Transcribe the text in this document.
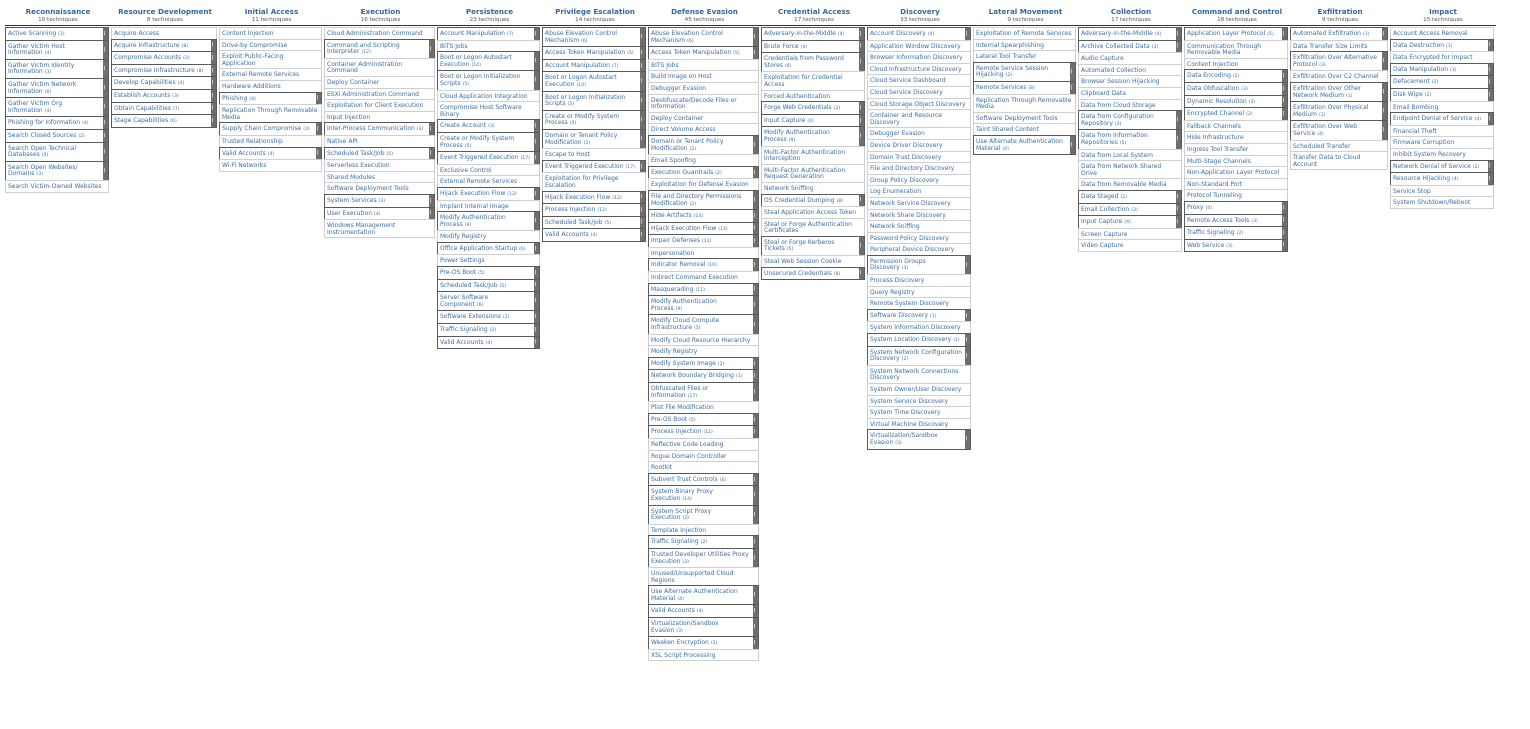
Reconnaissance
10 techniques
Active Scanning (3)
||
Gather Victim Host Information (4)
||
Gather Victim Identity Information (3)
||
Gather Victim Network Information (6)
||
Gather Victim Org Information (4)
||
Phishing for Information (4)
||
Search Closed Sources (2)
||
Search Open Technical Databases (5)
||
Search Open Websites/ Domains (3)
||
Search Victim-Owned Websites
Resource Development
8 techniques
Acquire Access
Acquire Infrastructure (8)
||
Compromise Accounts (3)
||
Compromise Infrastructure (8)
||
Develop Capabilities (4)
||
Establish Accounts (3)
||
Obtain Capabilities (7)
||
Stage Capabilities (6)
||
Initial Access
11 techniques
Content Injection
Drive-by Compromise
Exploit Public-Facing Application
External Remote Services
Hardware Additions
Phishing (4)
||
Replication Through Removable Media
Supply Chain Compromise (3)
||
Trusted Relationship
Valid Accounts (4)
||
Wi-Fi Networks
Execution
16 techniques
Cloud Administration Command
Command and Scripting Interpreter (12)
||
Container Administration Command
Deploy Container
ESXi Administration Command
Exploitation for Client Execution
Input Injection
Inter-Process Communication (3)
||
Native API
Scheduled Task/Job (5)
||
Serverless Execution
Shared Modules
Software Deployment Tools
System Services (3)
||
User Execution (4)
||
Windows Management Instrumentation
Persistence
23 techniques
Account Manipulation (7)
||
BITS Jobs
Boot or Logon Autostart Execution (14)
||
Boot or Logon Initialization Scripts (5)
||
Cloud Application Integration
Compromise Host Software Binary
Create Account (3)
||
Create or Modify System Process (5)
||
Event Triggered Execution (17)
||
Exclusive Control
External Remote Services
Hijack Execution Flow (12)
||
Implant Internal Image
Modify Authentication Process (9)
||
Modify Registry
Office Application Startup (6)
||
Power Settings
Pre-OS Boot (5)
||
Scheduled Task/Job (5)
||
Server Software Component (6)
||
Software Extensions (2)
||
Traffic Signaling (2)
||
Valid Accounts (4)
||
Privilege Escalation
14 techniques
Abuse Elevation Control Mechanism (6)
||
Access Token Manipulation (5)
||
Account Manipulation (7)
||
Boot or Logon Autostart Execution (14)
||
Boot or Logon Initialization Scripts (5)
||
Create or Modify System Process (5)
||
Domain or Tenant Policy Modification (2)
||
Escape to Host
Event Triggered Execution (17)
||
Exploitation for Privilege Escalation
Hijack Execution Flow (12)
||
Process Injection (12)
||
Scheduled Task/Job (5)
||
Valid Accounts (4)
||
Defense Evasion
45 techniques
Abuse Elevation Control Mechanism (6)
||
Access Token Manipulation (5)
||
BITS Jobs
Build Image on Host
Debugger Evasion
Deobfuscate/Decode Files or Information
Deploy Container
Direct Volume Access
Domain or Tenant Policy Modification (2)
||
Email Spoofing
Execution Guardrails (2)
||
Exploitation for Defense Evasion
File and Directory Permissions Modification (2)
||
Hide Artifacts (14)
||
Hijack Execution Flow (12)
||
Impair Defenses (11)
||
Impersonation
Indicator Removal (10)
||
Indirect Command Execution
Masquerading (11)
||
Modify Authentication Process (9)
||
Modify Cloud Compute Infrastructure (5)
||
Modify Cloud Resource Hierarchy
Modify Registry
Modify System Image (2)
||
Network Boundary Bridging (1)
||
Obfuscated Files or Information (17)
||
Plist File Modification
Pre-OS Boot (5)
||
Process Injection (12)
||
Reflective Code Loading
Rogue Domain Controller
Rootkit
Subvert Trust Controls (6)
||
System Binary Proxy Execution (14)
||
System Script Proxy Execution (2)
||
Template Injection
Traffic Signaling (2)
||
Trusted Developer Utilities Proxy Execution (3)
||
Unused/Unsupported Cloud Regions
Use Alternate Authentication Material (4)
||
Valid Accounts (4)
||
Virtualization/Sandbox Evasion (3)
||
Weaken Encryption (2)
||
XSL Script Processing
Credential Access
17 techniques
Adversary-in-the-Middle (4)
||
Brute Force (4)
||
Credentials from Password Stores (6)
||
Exploitation for Credential Access
Forced Authentication
Forge Web Credentials (2)
||
Input Capture (4)
||
Modify Authentication Process (9)
||
Multi-Factor Authentication Interception
Multi-Factor Authentication Request Generation
Network Sniffing
OS Credential Dumping (8)
||
Steal Application Access Token
Steal or Forge Authentication Certificates
Steal or Forge Kerberos Tickets (5)
||
Steal Web Session Cookie
Unsecured Credentials (8)
||
Discovery
33 techniques
Account Discovery (4)
||
Application Window Discovery
Browser Information Discovery
Cloud Infrastructure Discovery
Cloud Service Dashboard
Cloud Service Discovery
Cloud Storage Object Discovery
Container and Resource Discovery
Debugger Evasion
Device Driver Discovery
Domain Trust Discovery
File and Directory Discovery
Group Policy Discovery
Log Enumeration
Network Service Discovery
Network Share Discovery
Network Sniffing
Password Policy Discovery
Peripheral Device Discovery
Permission Groups Discovery (3)
||
Process Discovery
Query Registry
Remote System Discovery
Software Discovery (1)
||
System Information Discovery
System Location Discovery (1)
||
System Network Configuration Discovery (2)
||
System Network Connections Discovery
System Owner/User Discovery
System Service Discovery
System Time Discovery
Virtual Machine Discovery
Virtualization/Sandbox Evasion (3)
||
Lateral Movement
9 techniques
Exploitation of Remote Services
Internal Spearphishing
Lateral Tool Transfer
Remote Service Session Hijacking (2)
||
Remote Services (8)
||
Replication Through Removable Media
Software Deployment Tools
Taint Shared Content
Use Alternate Authentication Material (4)
||
Collection
17 techniques
Adversary-in-the-Middle (4)
||
Archive Collected Data (3)
||
Audio Capture
Automated Collection
Browser Session Hijacking
Clipboard Data
Data from Cloud Storage
Data from Configuration Repository (2)
||
Data from Information Repositories (5)
||
Data from Local System
Data from Network Shared Drive
Data from Removable Media
Data Staged (2)
||
Email Collection (3)
||
Input Capture (4)
||
Screen Capture
Video Capture
Command and Control
18 techniques
Application Layer Protocol (5)
||
Communication Through Removable Media
Content Injection
Data Encoding (2)
||
Data Obfuscation (3)
||
Dynamic Resolution (3)
||
Encrypted Channel (2)
||
Fallback Channels
Hide Infrastructure
Ingress Tool Transfer
Multi-Stage Channels
Non-Application Layer Protocol
Non-Standard Port
Protocol Tunneling
Proxy (4)
||
Remote Access Tools (3)
||
Traffic Signaling (2)
||
Web Service (3)
||
Exfiltration
9 techniques
Automated Exfiltration (1)
||
Data Transfer Size Limits
Exfiltration Over Alternative Protocol (3)
||
Exfiltration Over C2 Channel
Exfiltration Over Other Network Medium (1)
||
Exfiltration Over Physical Medium (1)
||
Exfiltration Over Web Service (4)
||
Scheduled Transfer
Transfer Data to Cloud Account
Impact
15 techniques
Account Access Removal
Data Destruction (1)
||
Data Encrypted for Impact
Data Manipulation (3)
||
Defacement (2)
||
Disk Wipe (2)
||
Email Bombing
Endpoint Denial of Service (4)
||
Financial Theft
Firmware Corruption
Inhibit System Recovery
Network Denial of Service (2)
||
Resource Hijacking (4)
||
Service Stop
System Shutdown/Reboot
